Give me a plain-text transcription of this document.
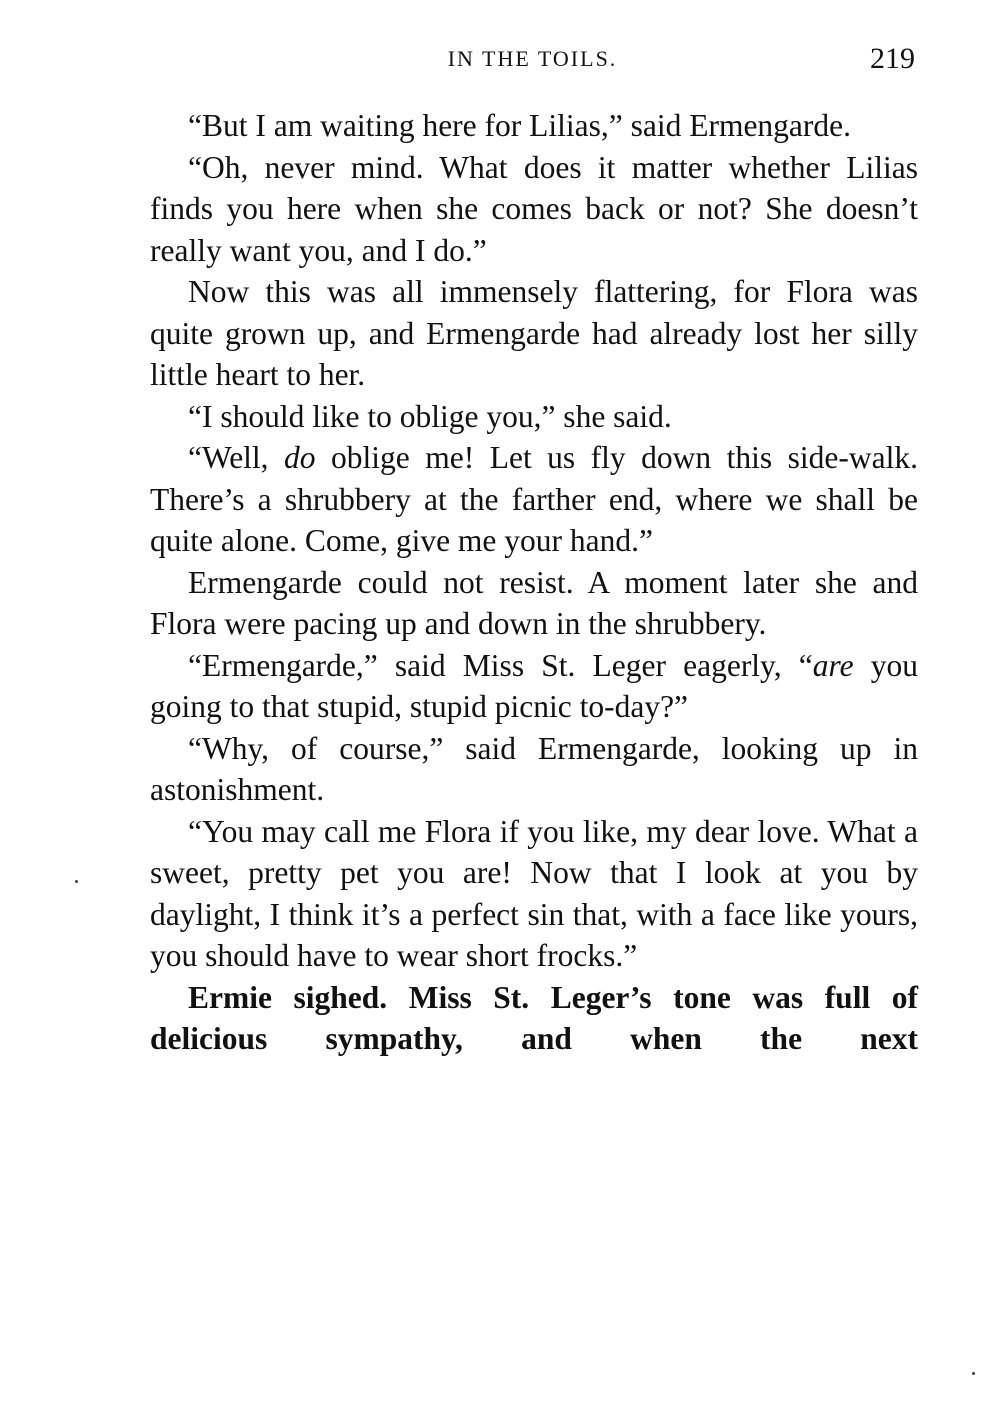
IN THE TOILS.	219

“But I am waiting here for Lilias,” said Ermengarde.

“Oh, never mind. What does it matter whether Lilias finds you here when she comes back or not? She doesn’t really want you, and I do.”

Now this was all immensely flattering, for Flora was quite grown up, and Ermengarde had already lost her silly little heart to her.

“I should like to oblige you,” she said.

“Well, do oblige me! Let us fly down this side-walk. There’s a shrubbery at the farther end, where we shall be quite alone. Come, give me your hand.”

Ermengarde could not resist. A moment later she and Flora were pacing up and down in the shrubbery.

“Ermengarde,” said Miss St. Leger eagerly, “are you going to that stupid, stupid picnic to-day?”

“Why, of course,” said Ermengarde, looking up in astonishment.

“You may call me Flora if you like, my dear love. What a sweet, pretty pet you are! Now that I look at you by daylight, I think it’s a perfect sin that, with a face like yours, you should have to wear short frocks.”

Ermie sighed. Miss St. Leger’s tone was full of delicious sympathy, and when the next
